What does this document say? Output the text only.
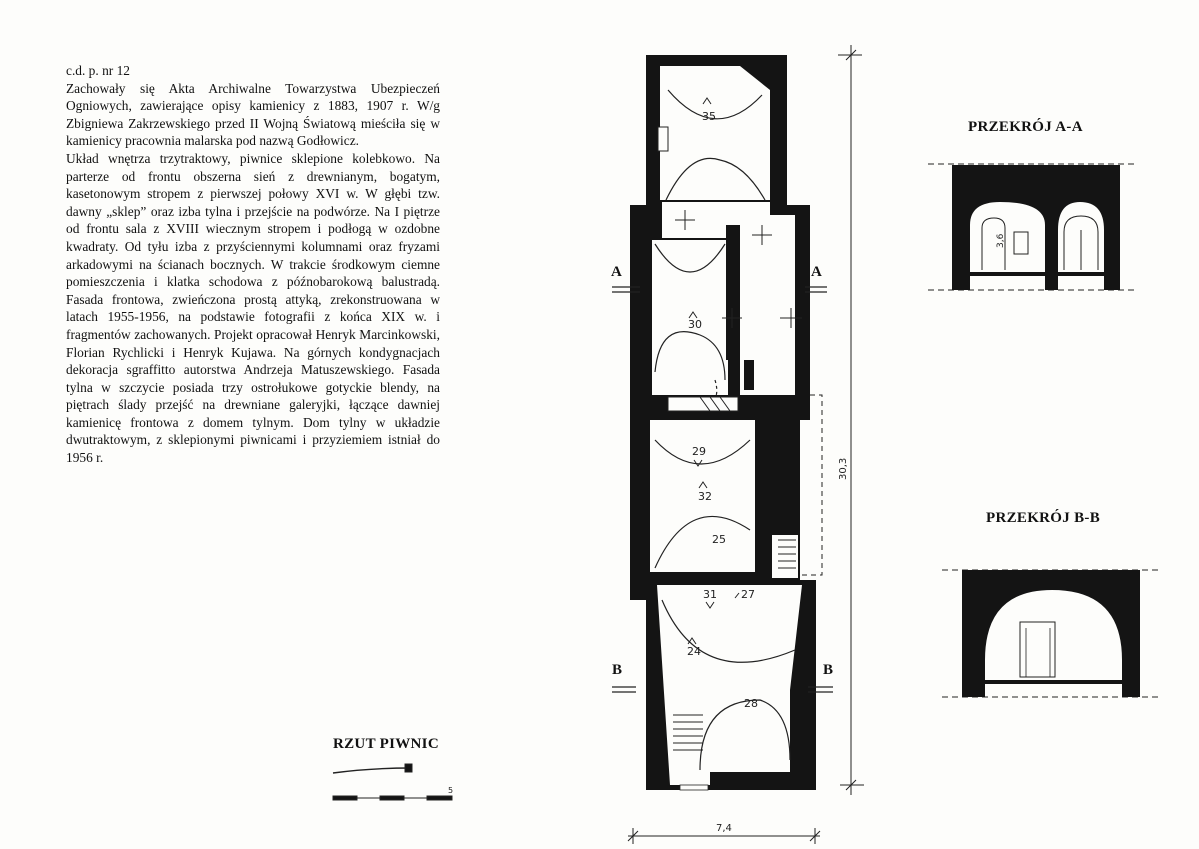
c.d. p. nr 12

Zachowały się Akta Archiwalne Towarzystwa Ubezpieczeń Ogniowych, zawierające opisy kamienicy z 1883, 1907 r. W/g Zbigniewa Zakrzewskiego przed II Wojną Światową mieściła się w kamienicy pracownia malarska pod nazwą Godłowicz.

Układ wnętrza trzytraktowy, piwnice sklepione kolebkowo. Na parterze od frontu obszerna sień z drewnianym, bogatym, kasetonowym stropem z pierwszej połowy XVI w. W głębi tzw. dawny „sklep” oraz izba tylna i przejście na podwórze. Na I piętrze od frontu sala z XVIII wiecznym stropem i podłogą w ozdobne kwadraty. Od tyłu izba z przyściennymi kolumnami oraz fryzami arkadowymi na ścianach bocznych. W trakcie środkowym ciemne pomieszczenia i klatka schodowa z późnobarokową balustradą. Fasada frontowa, zwieńczona prostą attyką, zrekonstruowana w latach 1955-1956, na podstawie fotografii z końca XIX w. i fragmentów zachowanych. Projekt opracował Henryk Marcinkowski, Florian Rychlicki i Henryk Kujawa. Na górnych kondygnacjach dekoracja sgraffitto autorstwa Andrzeja Matuszewskiego. Fasada tylna w szczycie posiada trzy ostrołukowe gotyckie blendy, na piętrach ślady przejść na drewniane galeryjki, łączące dawniej kamienicę frontowa z domem tylnym. Dom tylny w układzie dwutraktowym, z sklepionymi piwnicami i przyziemiem istniał do 1956 r.

RZUT PIWNIC
PRZEKRÓJ A-A
PRZEKRÓJ B-B
A	A
B	B
35
30
29
32
25
31 27
24
28
30,3
7,4
5
3,6
